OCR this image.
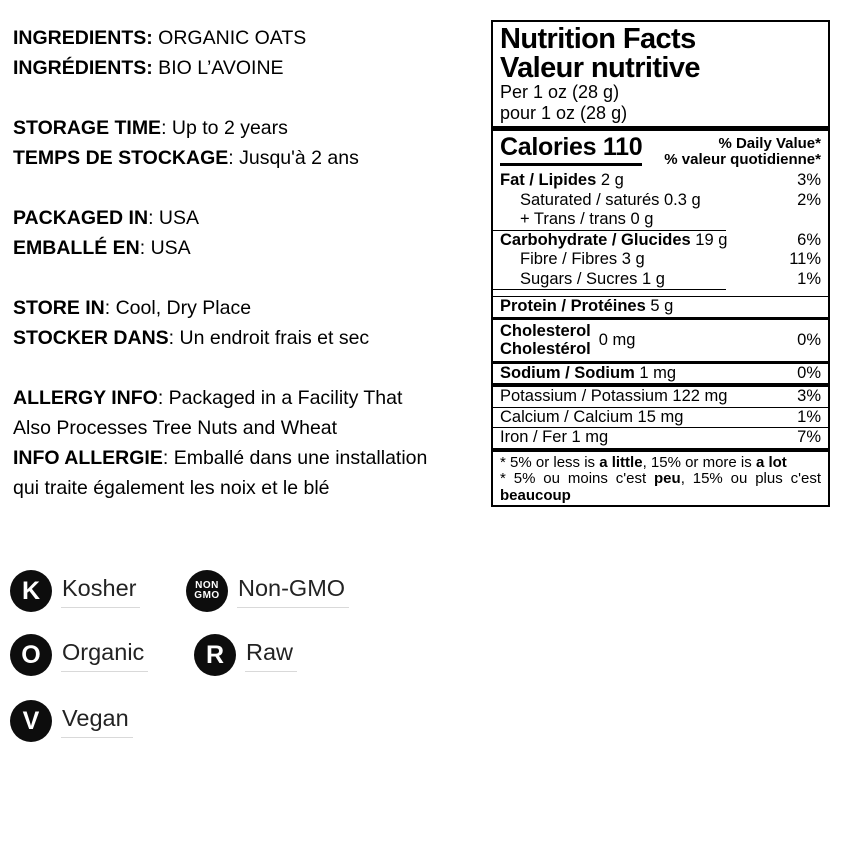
INGREDIENTS: ORGANIC OATS
INGRÉDIENTS: BIO L’AVOINE
STORAGE TIME: Up to 2 years
TEMPS DE STOCKAGE: Jusqu'à 2 ans
PACKAGED IN: USA
EMBALLÉ EN: USA
STORE IN: Cool, Dry Place
STOCKER DANS: Un endroit frais et sec
ALLERGY INFO: Packaged in a Facility That
Also Processes Tree Nuts and Wheat
INFO ALLERGIE: Emballé dans une installation
qui traite également les noix et le blé
Nutrition Facts
Valeur nutritive
Per 1 oz (28 g)
pour 1 oz (28 g)
Calories 110	% Daily Value*
% valeur quotidienne*
Fat / Lipides 2 g	3%
Saturated / saturés 0.3 g	2%
+ Trans / trans 0 g
Carbohydrate / Glucides 19 g	6%
Fibre / Fibres 3 g	11%
Sugars / Sucres 1 g	1%
Protein / Protéines 5 g
Cholesterol
Cholestérol
0 mg	0%
Sodium / Sodium 1 mg	0%
Potassium / Potassium 122 mg	3%
Calcium / Calcium 15 mg	1%
Iron / Fer 1 mg	7%
* 5% or less is a little, 15% or more is a lot
* 5% ou moins c'est peu, 15% ou plus c'est beaucoup
K Kosher	NON
GMO Non-GMO
O Organic R Raw
V Vegan
